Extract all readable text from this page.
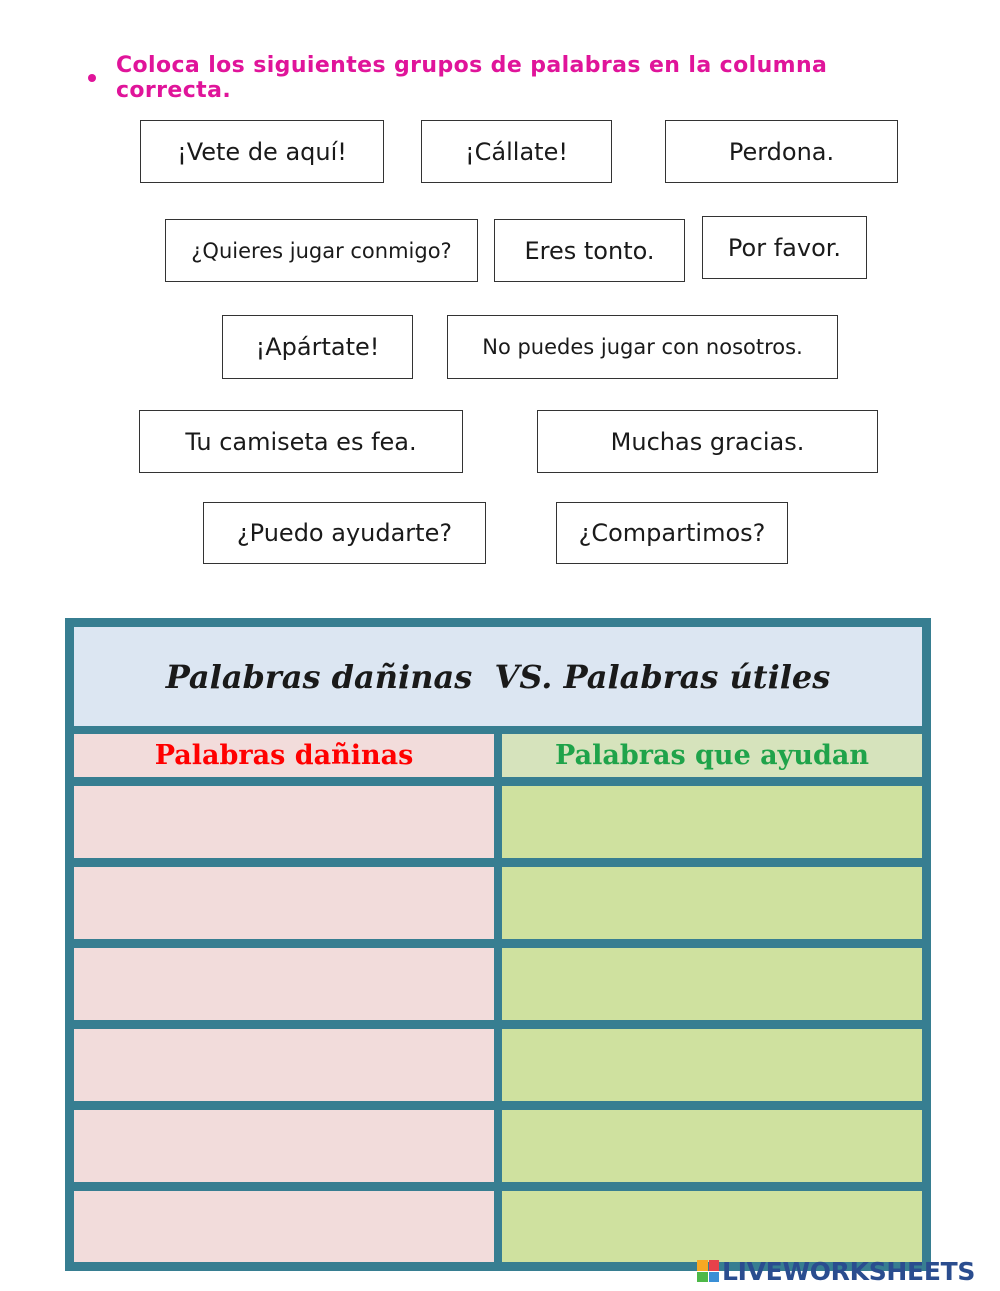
Coloca los siguientes grupos de palabras en la columna correcta.
¡Vete de aquí!	¡Cállate!	Perdona.
¿Quieres jugar conmigo?	Eres tonto.	Por favor.
¡Apártate!	No puedes jugar con nosotros.
Tu camiseta es fea.	Muchas gracias.
¿Puedo ayudarte?	¿Compartimos?
Palabras dañinas  VS. Palabras útiles
Palabras dañinas	Palabras que ayudan
LIVEWORKSHEETS
